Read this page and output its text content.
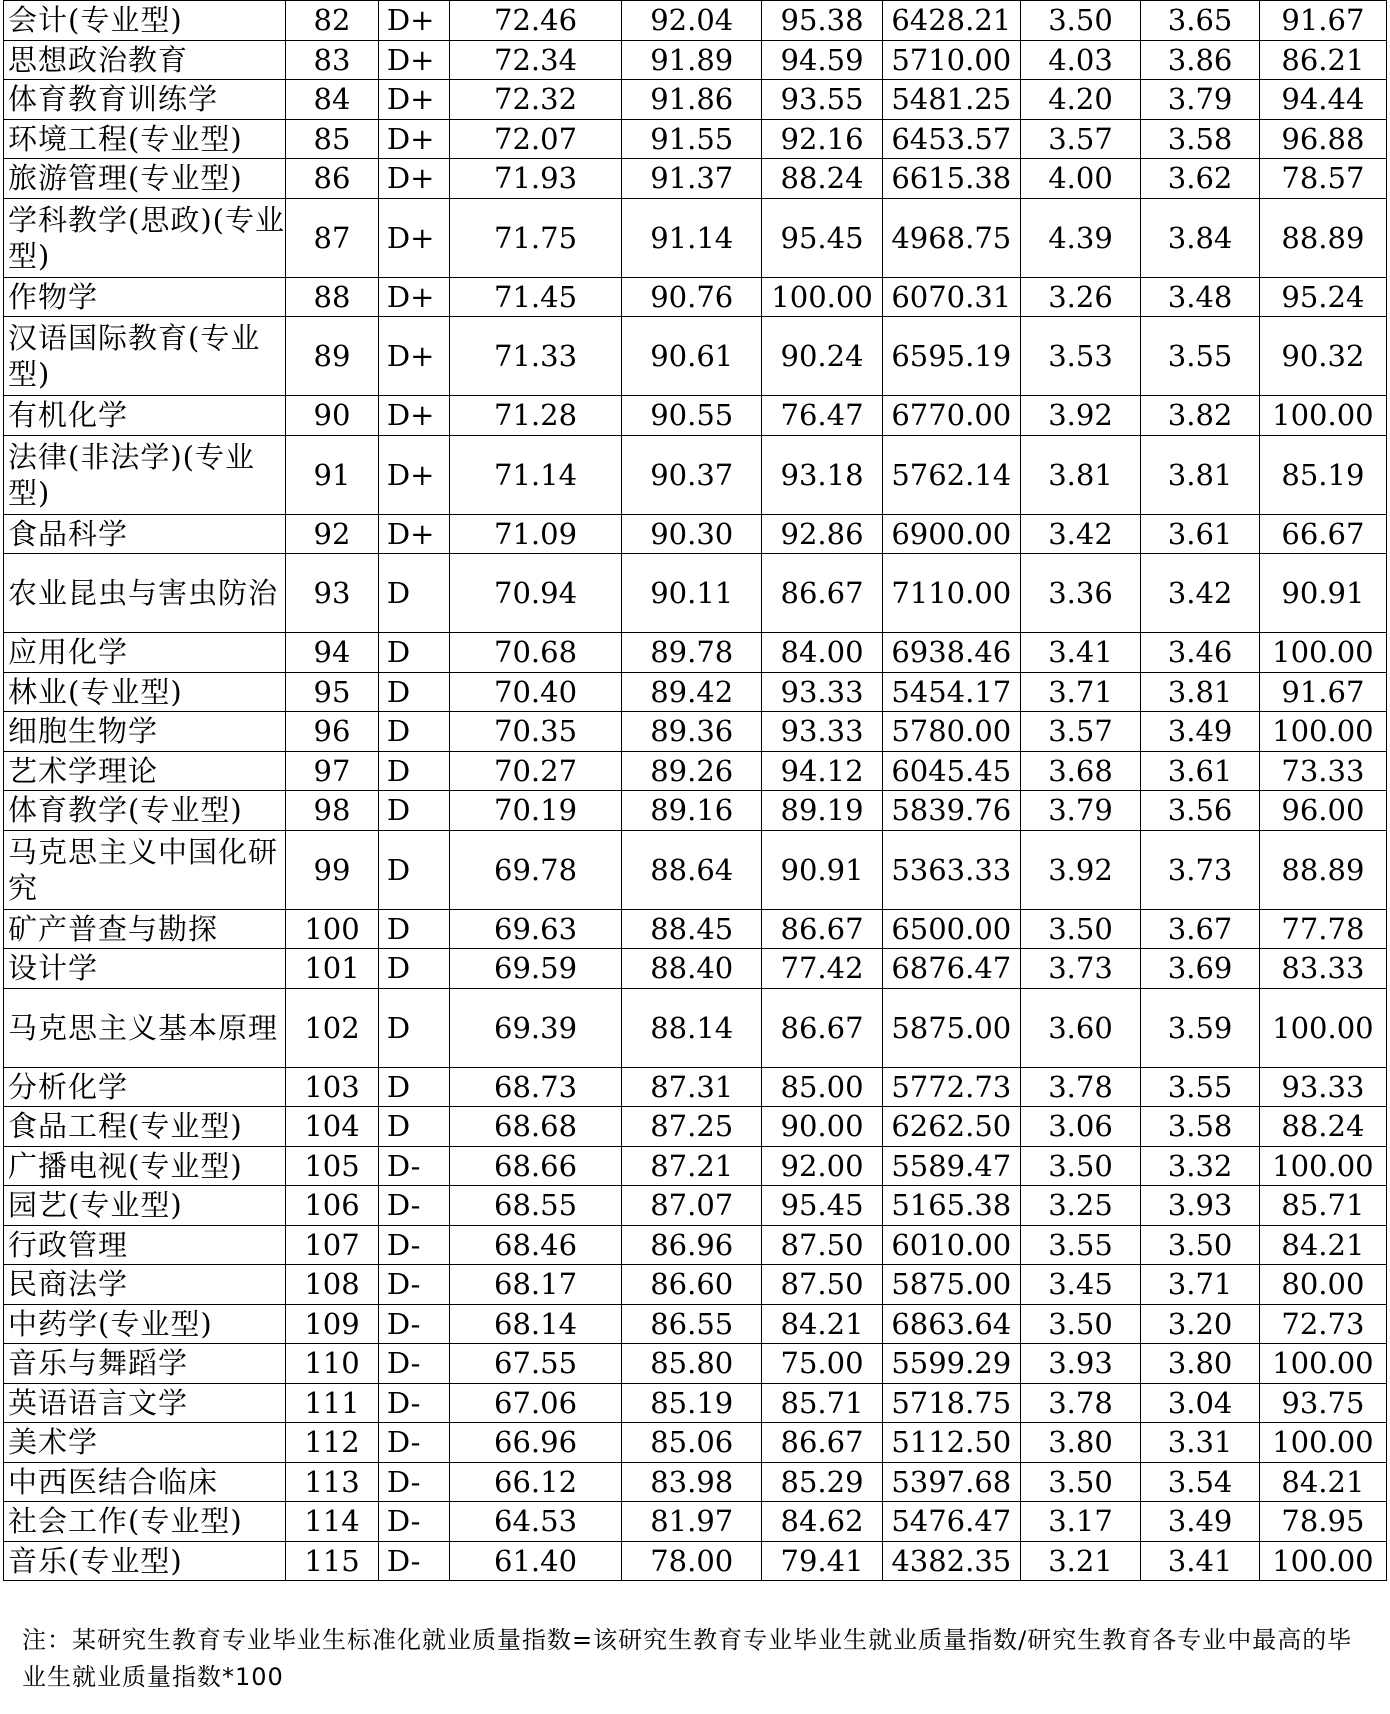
会计(专业型)	82	D+	72.46	92.04	95.38	6428.21	3.50	3.65	91.67
思想政治教育	83	D+	72.34	91.89	94.59	5710.00	4.03	3.86	86.21
体育教育训练学	84	D+	72.32	91.86	93.55	5481.25	4.20	3.79	94.44
环境工程(专业型)	85	D+	72.07	91.55	92.16	6453.57	3.57	3.58	96.88
旅游管理(专业型)	86	D+	71.93	91.37	88.24	6615.38	4.00	3.62	78.57
学科教学(思政)(专业型)	87	D+	71.75	91.14	95.45	4968.75	4.39	3.84	88.89
作物学	88	D+	71.45	90.76	100.00	6070.31	3.26	3.48	95.24
汉语国际教育(专业型)	89	D+	71.33	90.61	90.24	6595.19	3.53	3.55	90.32
有机化学	90	D+	71.28	90.55	76.47	6770.00	3.92	3.82	100.00
法律(非法学)(专业型)	91	D+	71.14	90.37	93.18	5762.14	3.81	3.81	85.19
食品科学	92	D+	71.09	90.30	92.86	6900.00	3.42	3.61	66.67
农业昆虫与害虫防治	93	D	70.94	90.11	86.67	7110.00	3.36	3.42	90.91
应用化学	94	D	70.68	89.78	84.00	6938.46	3.41	3.46	100.00
林业(专业型)	95	D	70.40	89.42	93.33	5454.17	3.71	3.81	91.67
细胞生物学	96	D	70.35	89.36	93.33	5780.00	3.57	3.49	100.00
艺术学理论	97	D	70.27	89.26	94.12	6045.45	3.68	3.61	73.33
体育教学(专业型)	98	D	70.19	89.16	89.19	5839.76	3.79	3.56	96.00
马克思主义中国化研究	99	D	69.78	88.64	90.91	5363.33	3.92	3.73	88.89
矿产普查与勘探	100	D	69.63	88.45	86.67	6500.00	3.50	3.67	77.78
设计学	101	D	69.59	88.40	77.42	6876.47	3.73	3.69	83.33
马克思主义基本原理	102	D	69.39	88.14	86.67	5875.00	3.60	3.59	100.00
分析化学	103	D	68.73	87.31	85.00	5772.73	3.78	3.55	93.33
食品工程(专业型)	104	D	68.68	87.25	90.00	6262.50	3.06	3.58	88.24
广播电视(专业型)	105	D-	68.66	87.21	92.00	5589.47	3.50	3.32	100.00
园艺(专业型)	106	D-	68.55	87.07	95.45	5165.38	3.25	3.93	85.71
行政管理	107	D-	68.46	86.96	87.50	6010.00	3.55	3.50	84.21
民商法学	108	D-	68.17	86.60	87.50	5875.00	3.45	3.71	80.00
中药学(专业型)	109	D-	68.14	86.55	84.21	6863.64	3.50	3.20	72.73
音乐与舞蹈学	110	D-	67.55	85.80	75.00	5599.29	3.93	3.80	100.00
英语语言文学	111	D-	67.06	85.19	85.71	5718.75	3.78	3.04	93.75
美术学	112	D-	66.96	85.06	86.67	5112.50	3.80	3.31	100.00
中西医结合临床	113	D-	66.12	83.98	85.29	5397.68	3.50	3.54	84.21
社会工作(专业型)	114	D-	64.53	81.97	84.62	5476.47	3.17	3.49	78.95
音乐(专业型)	115	D-	61.40	78.00	79.41	4382.35	3.21	3.41	100.00
注：某研究生教育专业毕业生标准化就业质量指数=该研究生教育专业毕业生就业质量指数/研究生教育各专业中最高的毕业生就业质量指数*100
